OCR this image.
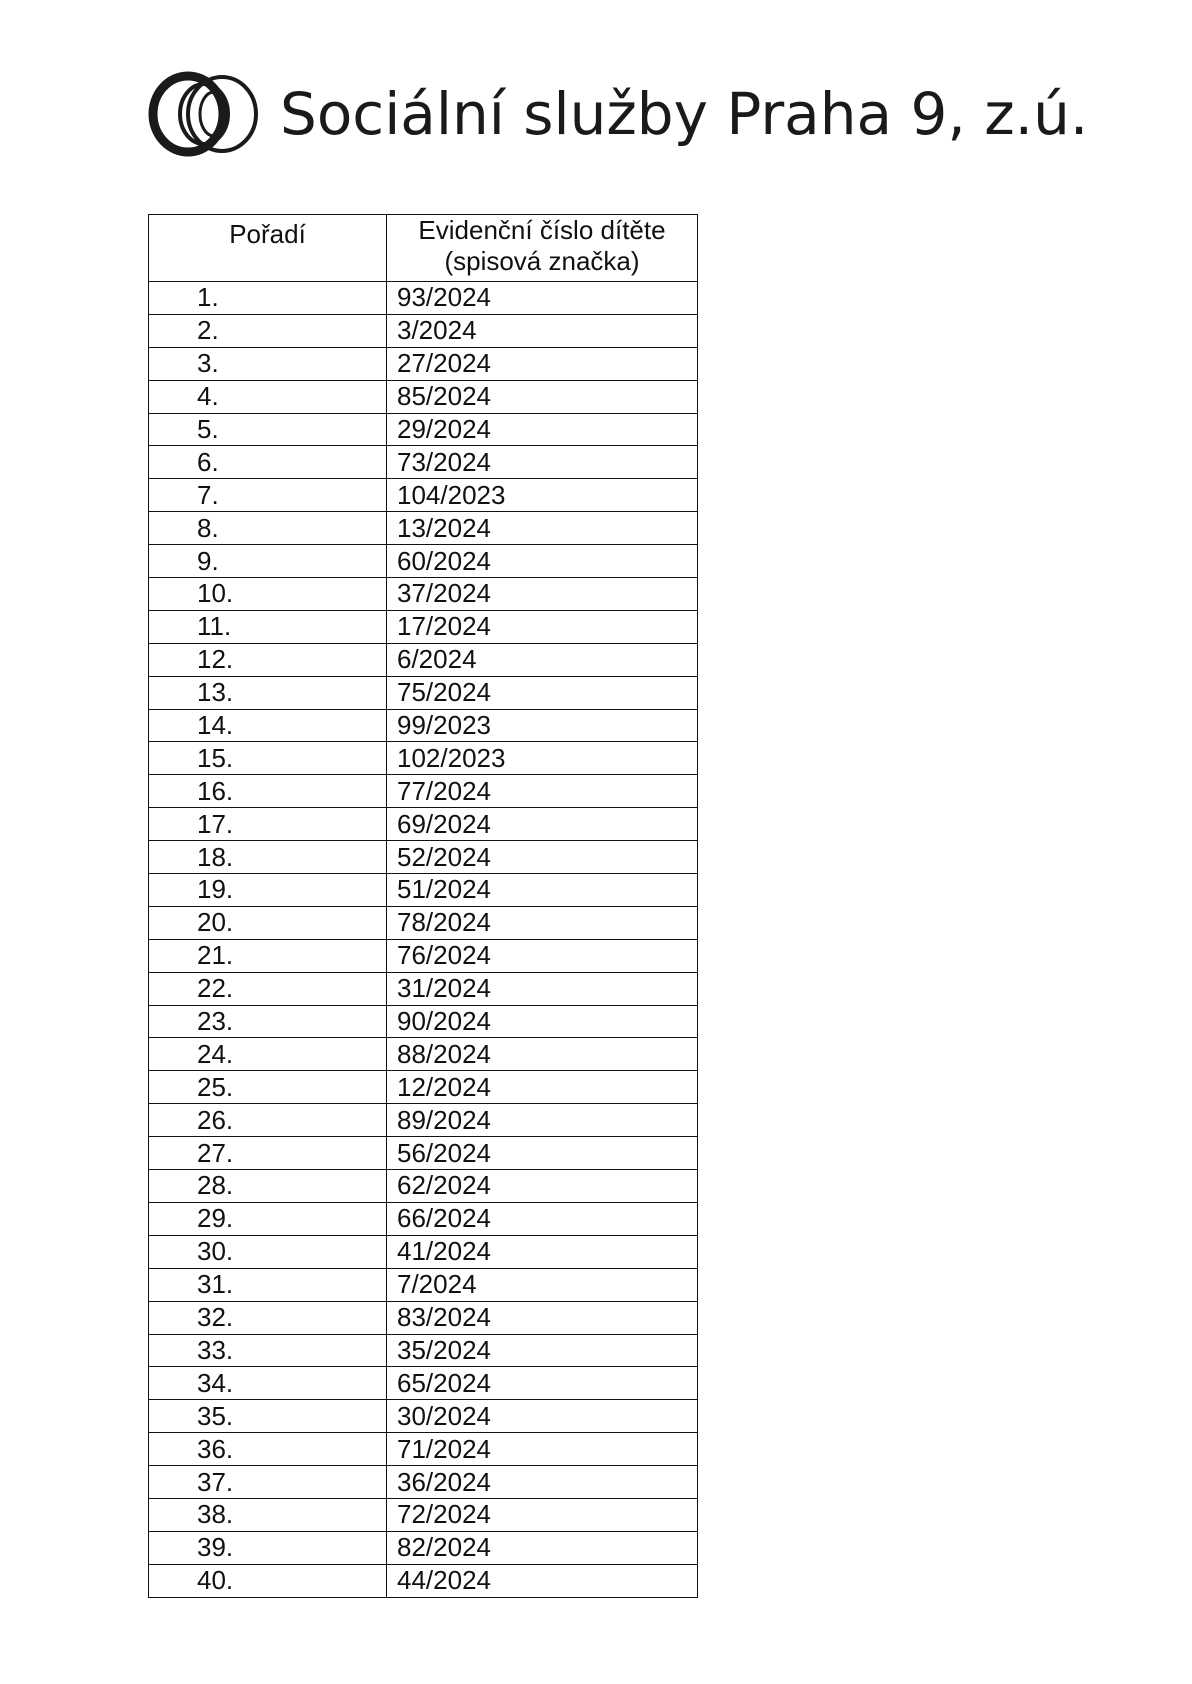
Sociální služby Praha 9, z.ú.
Pořadí	Evidenční číslo dítěte
(spisová značka)

1.	93/2024
2.	3/2024
3.	27/2024
4.	85/2024
5.	29/2024
6.	73/2024
7.	104/2023
8.	13/2024
9.	60/2024
10.	37/2024
11.	17/2024
12.	6/2024
13.	75/2024
14.	99/2023
15.	102/2023
16.	77/2024
17.	69/2024
18.	52/2024
19.	51/2024
20.	78/2024
21.	76/2024
22.	31/2024
23.	90/2024
24.	88/2024
25.	12/2024
26.	89/2024
27.	56/2024
28.	62/2024
29.	66/2024
30.	41/2024
31.	7/2024
32.	83/2024
33.	35/2024
34.	65/2024
35.	30/2024
36.	71/2024
37.	36/2024
38.	72/2024
39.	82/2024
40.	44/2024
